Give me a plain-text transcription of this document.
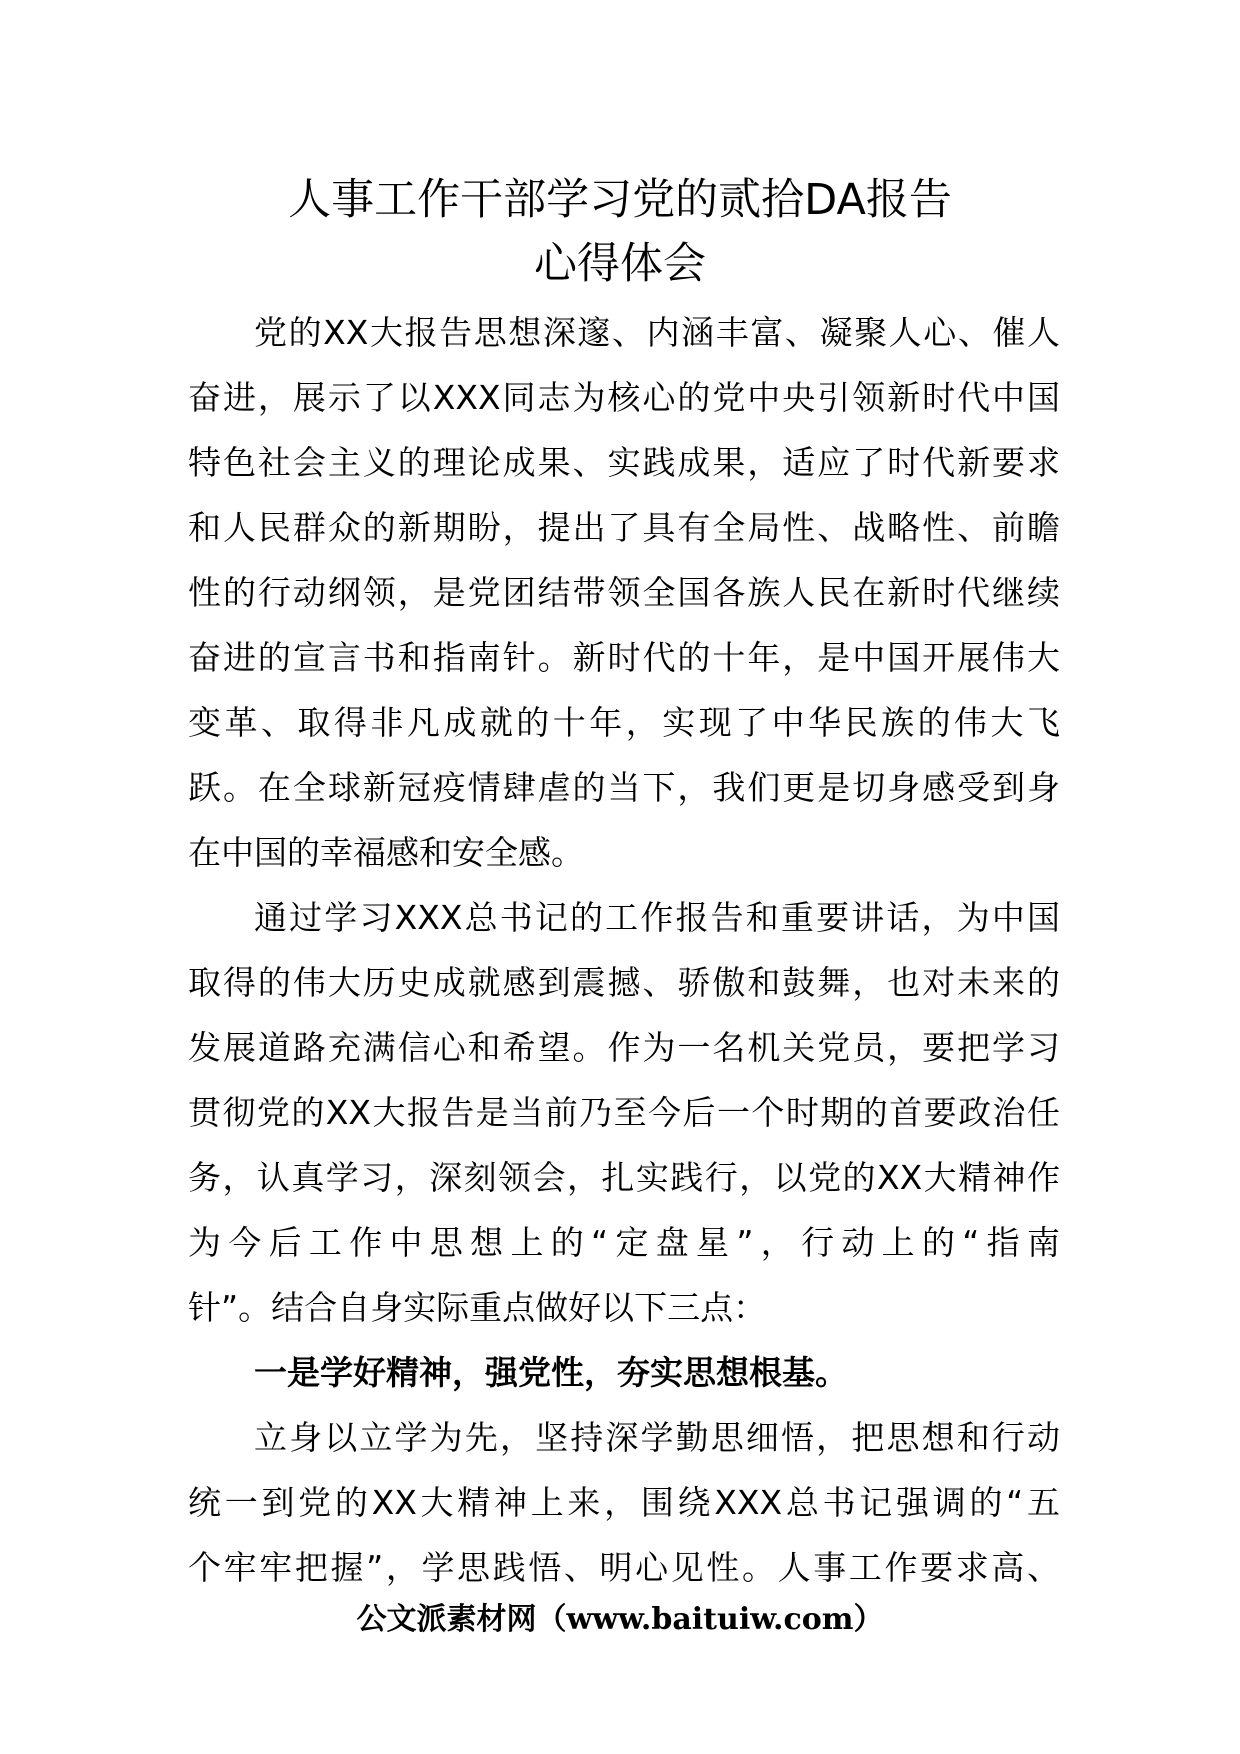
人事工作干部学习党的贰拾DA报告
心得体会
党的XX大报告思想深邃、内涵丰富、凝聚人心、催人
奋进，展示了以XXX同志为核心的党中央引领新时代中国
特色社会主义的理论成果、实践成果，适应了时代新要求
和人民群众的新期盼，提出了具有全局性、战略性、前瞻
性的行动纲领，是党团结带领全国各族人民在新时代继续
奋进的宣言书和指南针。新时代的十年，是中国开展伟大
变革、取得非凡成就的十年，实现了中华民族的伟大飞
跃。在全球新冠疫情肆虐的当下，我们更是切身感受到身
在中国的幸福感和安全感。
通过学习XXX总书记的工作报告和重要讲话，为中国
取得的伟大历史成就感到震撼、骄傲和鼓舞，也对未来的
发展道路充满信心和希望。作为一名机关党员，要把学习
贯彻党的XX大报告是当前乃至今后一个时期的首要政治任
务，认真学习，深刻领会，扎实践行，以党的XX大精神作
为今后工作中思想上的“定盘星”，行动上的“指南
针”。结合自身实际重点做好以下三点：
一是学好精神，强党性，夯实思想根基。
立身以立学为先，坚持深学勤思细悟，把思想和行动
统一到党的XX大精神上来，围绕XXX总书记强调的“五
个牢牢把握”，学思践悟、明心见性。人事工作要求高、
公文派素材网（www.baituiw.com）
